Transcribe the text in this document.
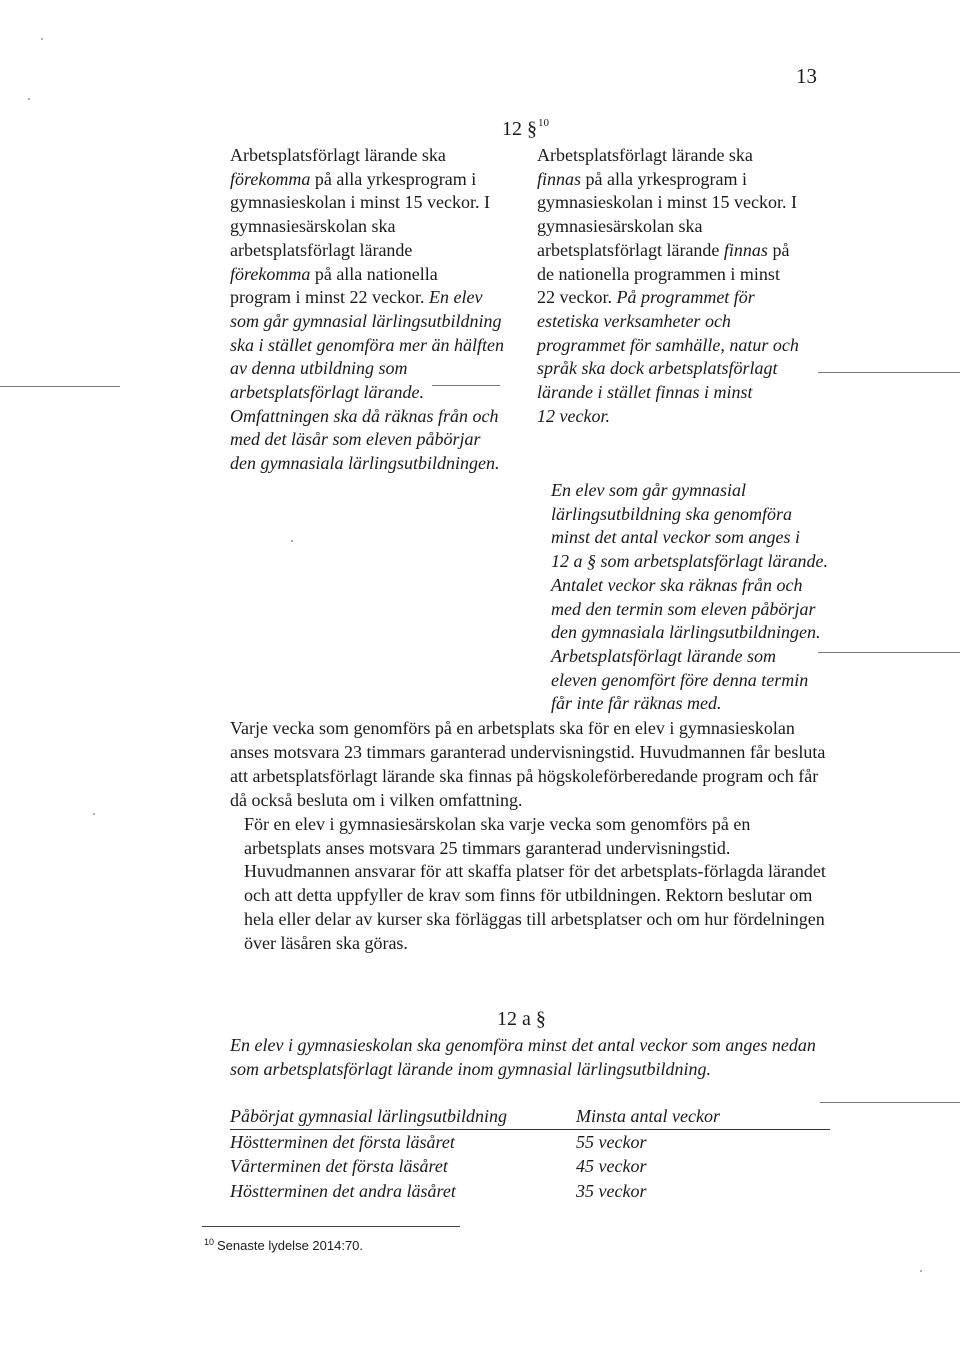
13
12 §$^{10}$
Arbetsplatsförlagt lärande ska
förekomma på alla yrkesprogram i
gymnasieskolan i minst 15 veckor. I
gymnasiesärskolan ska
arbetsplatsförlagt lärande
förekomma på alla nationella
program i minst 22 veckor. En elev
som går gymnasial lärlingsutbildning
ska i stället genomföra mer än hälften
av denna utbildning som
arbetsplatsförlagt lärande.
Omfattningen ska då räknas från och
med det läsår som eleven påbörjar
den gymnasiala lärlingsutbildningen.
Arbetsplatsförlagt lärande ska
finnas på alla yrkesprogram i
gymnasieskolan i minst 15 veckor. I
gymnasiesärskolan ska
arbetsplatsförlagt lärande finnas på
de nationella programmen i minst
22 veckor. På programmet för
estetiska verksamheter och
programmet för samhälle, natur och
språk ska dock arbetsplatsförlagt
lärande i stället finnas i minst
12 veckor.
En elev som går gymnasial
lärlingsutbildning ska genomföra
minst det antal veckor som anges i
12 a § som arbetsplatsförlagt lärande.
Antalet veckor ska räknas från och
med den termin som eleven påbörjar
den gymnasiala lärlingsutbildningen.
Arbetsplatsförlagt lärande som
eleven genomfört före denna termin
får inte får räknas med.

Varje vecka som genomförs på en arbetsplats ska för en elev i gymnasieskolan anses motsvara 23 timmars garanterad undervisningstid. Huvudmannen får besluta att arbetsplatsförlagt lärande ska finnas på högskoleförberedande program och får då också besluta om i vilken omfattning.

För en elev i gymnasiesärskolan ska varje vecka som genomförs på en arbetsplats anses motsvara 25 timmars garanterad undervisningstid.

Huvudmannen ansvarar för att skaffa platser för det arbetsplats-förlagda lärandet och att detta uppfyller de krav som finns för utbildningen. Rektorn beslutar om hela eller delar av kurser ska förläggas till arbetsplatser och om hur fördelningen över läsåren ska göras.

12 a §
En elev i gymnasieskolan ska genomföra minst det antal veckor som anges nedan som arbetsplatsförlagt lärande inom gymnasial lärlingsutbildning.
Påbörjat gymnasial lärlingsutbildning	Minsta antal veckor
Höstterminen det första läsåret	55 veckor
Vårterminen det första läsåret	45 veckor
Höstterminen det andra läsåret	35 veckor
$^{10}$ Senaste lydelse 2014:70.
